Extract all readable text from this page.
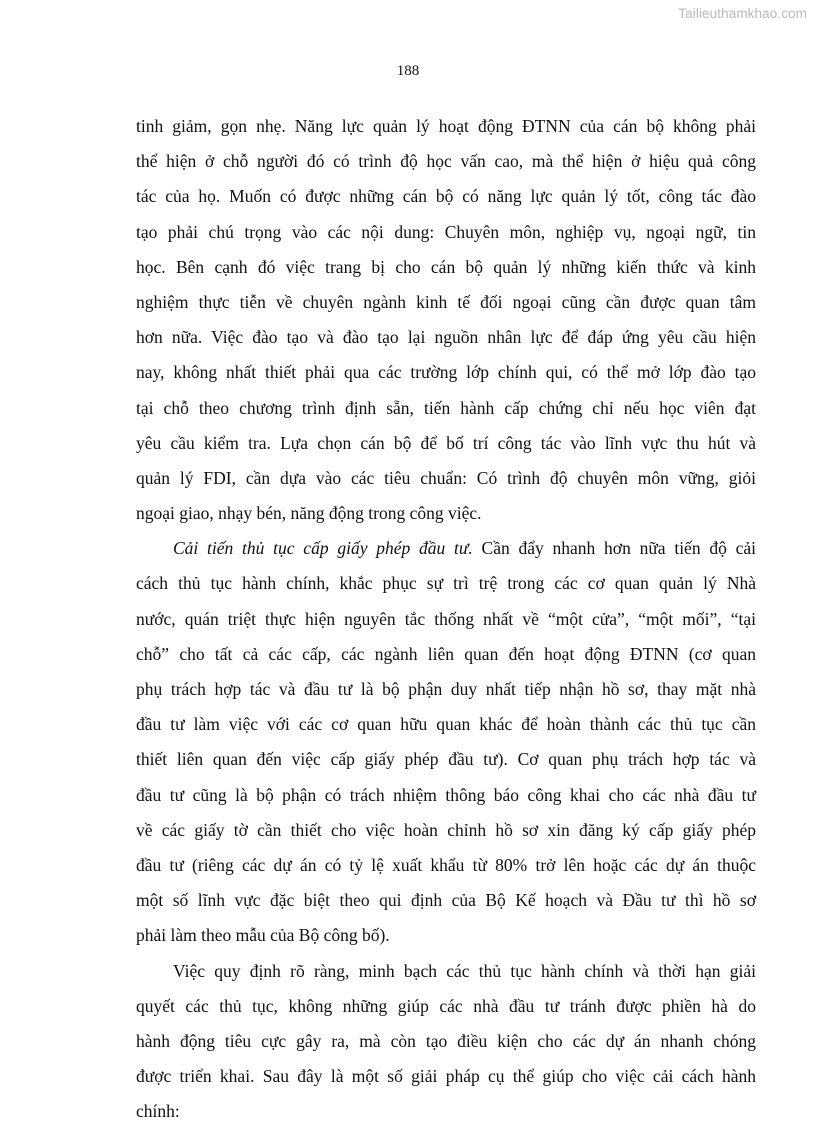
Tailieuthamkhao.com
188
tinh giảm, gọn nhẹ. Năng lực quản lý hoạt động ĐTNN của cán bộ không phải
thể hiện ở chỗ người đó có trình độ học vấn cao, mà thể hiện ở hiệu quả công
tác của họ. Muốn có được những cán bộ có năng lực quản lý tốt, công tác đào
tạo phải chú trọng vào các nội dung: Chuyên môn, nghiệp vụ, ngoại ngữ, tin
học. Bên cạnh đó việc trang bị cho cán bộ quản lý những kiến thức và kinh
nghiệm thực tiễn về chuyên ngành kinh tế đối ngoại cũng cần được quan tâm
hơn nữa. Việc đào tạo và đào tạo lại nguồn nhân lực để đáp ứng yêu cầu hiện
nay, không nhất thiết phải qua các trường lớp chính qui, có thể mở lớp đào tạo
tại chỗ theo chương trình định sẵn, tiến hành cấp chứng chỉ nếu học viên đạt
yêu cầu kiểm tra. Lựa chọn cán bộ để bố trí công tác vào lĩnh vực thu hút và
quản lý FDI, cần dựa vào các tiêu chuẩn: Có trình độ chuyên môn vững, giỏi
ngoại giao, nhạy bén, năng động trong công việc.
Cải tiến thủ tục cấp giấy phép đầu tư. Cần đẩy nhanh hơn nữa tiến độ cải
cách thủ tục hành chính, khắc phục sự trì trệ trong các cơ quan quản lý Nhà
nước, quán triệt thực hiện nguyên tắc thống nhất về “một cửa”, “một mối”, “tại
chỗ” cho tất cả các cấp, các ngành liên quan đến hoạt động ĐTNN (cơ quan
phụ trách hợp tác và đầu tư là bộ phận duy nhất tiếp nhận hồ sơ, thay mặt nhà
đầu tư làm việc với các cơ quan hữu quan khác để hoàn thành các thủ tục cần
thiết liên quan đến việc cấp giấy phép đầu tư). Cơ quan phụ trách hợp tác và
đầu tư cũng là bộ phận có trách nhiệm thông báo công khai cho các nhà đầu tư
về các giấy tờ cần thiết cho việc hoàn chỉnh hồ sơ xin đăng ký cấp giấy phép
đầu tư (riêng các dự án có tỷ lệ xuất khẩu từ 80% trở lên hoặc các dự án thuộc
một số lĩnh vực đặc biệt theo qui định của Bộ Kế hoạch và Đầu tư thì hồ sơ
phải làm theo mẫu của Bộ công bố).
Việc quy định rõ ràng, minh bạch các thủ tục hành chính và thời hạn giải
quyết các thủ tục, không những giúp các nhà đầu tư tránh được phiền hà do
hành động tiêu cực gây ra, mà còn tạo điều kiện cho các dự án nhanh chóng
được triển khai. Sau đây là một số giải pháp cụ thể giúp cho việc cải cách hành
chính:
